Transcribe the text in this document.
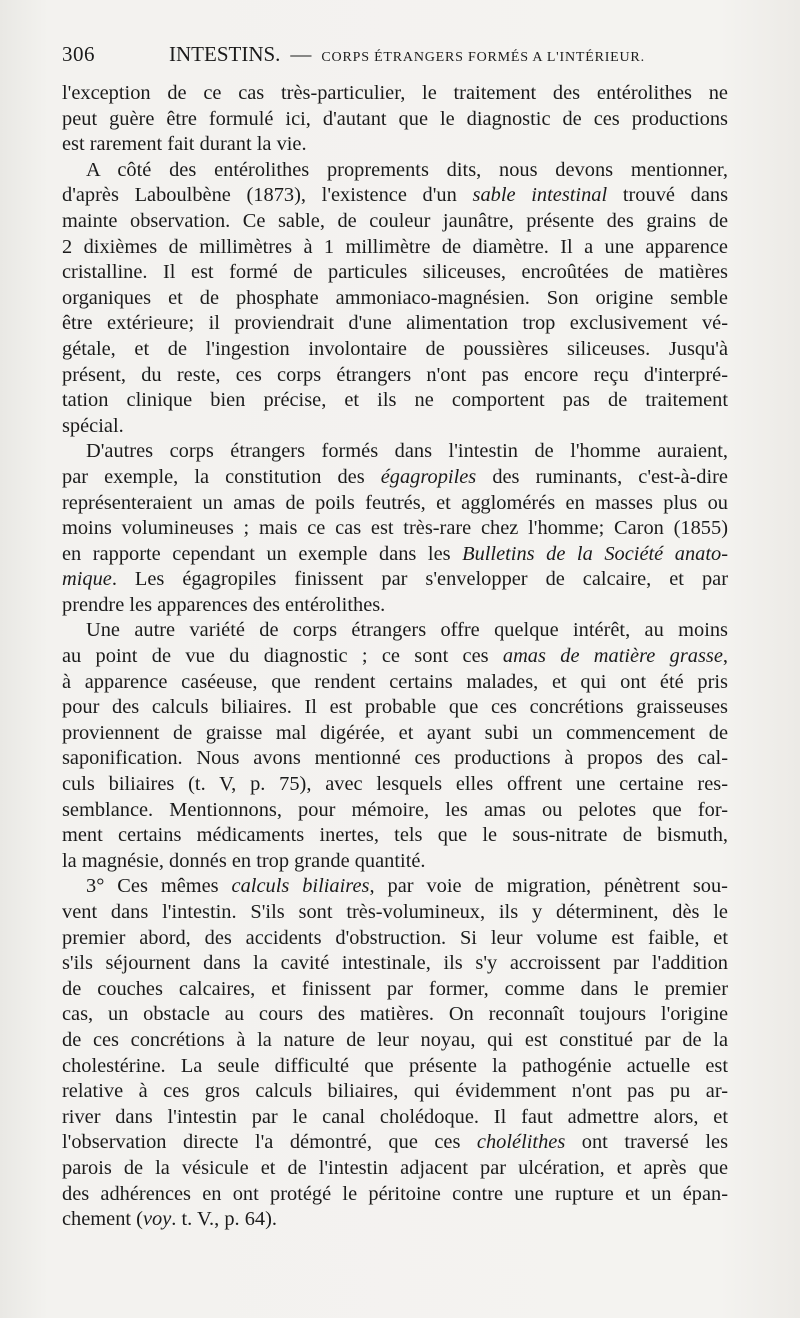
306	INTESTINS. — CORPS ÉTRANGERS FORMÉS A L'INTÉRIEUR.
l'exception de ce cas très-particulier, le traitement des entérolithes ne
peut guère être formulé ici, d'autant que le diagnostic de ces productions
est rarement fait durant la vie.
A côté des entérolithes proprements dits, nous devons mentionner,
d'après Laboulbène (1873), l'existence d'un sable intestinal trouvé dans
mainte observation. Ce sable, de couleur jaunâtre, présente des grains de
2 dixièmes de millimètres à 1 millimètre de diamètre. Il a une apparence
cristalline. Il est formé de particules siliceuses, encroûtées de matières
organiques et de phosphate ammoniaco-magnésien. Son origine semble
être extérieure; il proviendrait d'une alimentation trop exclusivement vé-
gétale, et de l'ingestion involontaire de poussières siliceuses. Jusqu'à
présent, du reste, ces corps étrangers n'ont pas encore reçu d'interpré-
tation clinique bien précise, et ils ne comportent pas de traitement
spécial.
D'autres corps étrangers formés dans l'intestin de l'homme auraient,
par exemple, la constitution des égagropiles des ruminants, c'est-à-dire
représenteraient un amas de poils feutrés, et agglomérés en masses plus ou
moins volumineuses ; mais ce cas est très-rare chez l'homme; Caron (1855)
en rapporte cependant un exemple dans les Bulletins de la Société anato-
mique. Les égagropiles finissent par s'envelopper de calcaire, et par
prendre les apparences des entérolithes.
Une autre variété de corps étrangers offre quelque intérêt, au moins
au point de vue du diagnostic ; ce sont ces amas de matière grasse,
à apparence caséeuse, que rendent certains malades, et qui ont été pris
pour des calculs biliaires. Il est probable que ces concrétions graisseuses
proviennent de graisse mal digérée, et ayant subi un commencement de
saponification. Nous avons mentionné ces productions à propos des cal-
culs biliaires (t. V, p. 75), avec lesquels elles offrent une certaine res-
semblance. Mentionnons, pour mémoire, les amas ou pelotes que for-
ment certains médicaments inertes, tels que le sous-nitrate de bismuth,
la magnésie, donnés en trop grande quantité.
3° Ces mêmes calculs biliaires, par voie de migration, pénètrent sou-
vent dans l'intestin. S'ils sont très-volumineux, ils y déterminent, dès le
premier abord, des accidents d'obstruction. Si leur volume est faible, et
s'ils séjournent dans la cavité intestinale, ils s'y accroissent par l'addition
de couches calcaires, et finissent par former, comme dans le premier
cas, un obstacle au cours des matières. On reconnaît toujours l'origine
de ces concrétions à la nature de leur noyau, qui est constitué par de la
cholestérine. La seule difficulté que présente la pathogénie actuelle est
relative à ces gros calculs biliaires, qui évidemment n'ont pas pu ar-
river dans l'intestin par le canal cholédoque. Il faut admettre alors, et
l'observation directe l'a démontré, que ces cholélithes ont traversé les
parois de la vésicule et de l'intestin adjacent par ulcération, et après que
des adhérences en ont protégé le péritoine contre une rupture et un épan-
chement (voy. t. V., p. 64).
